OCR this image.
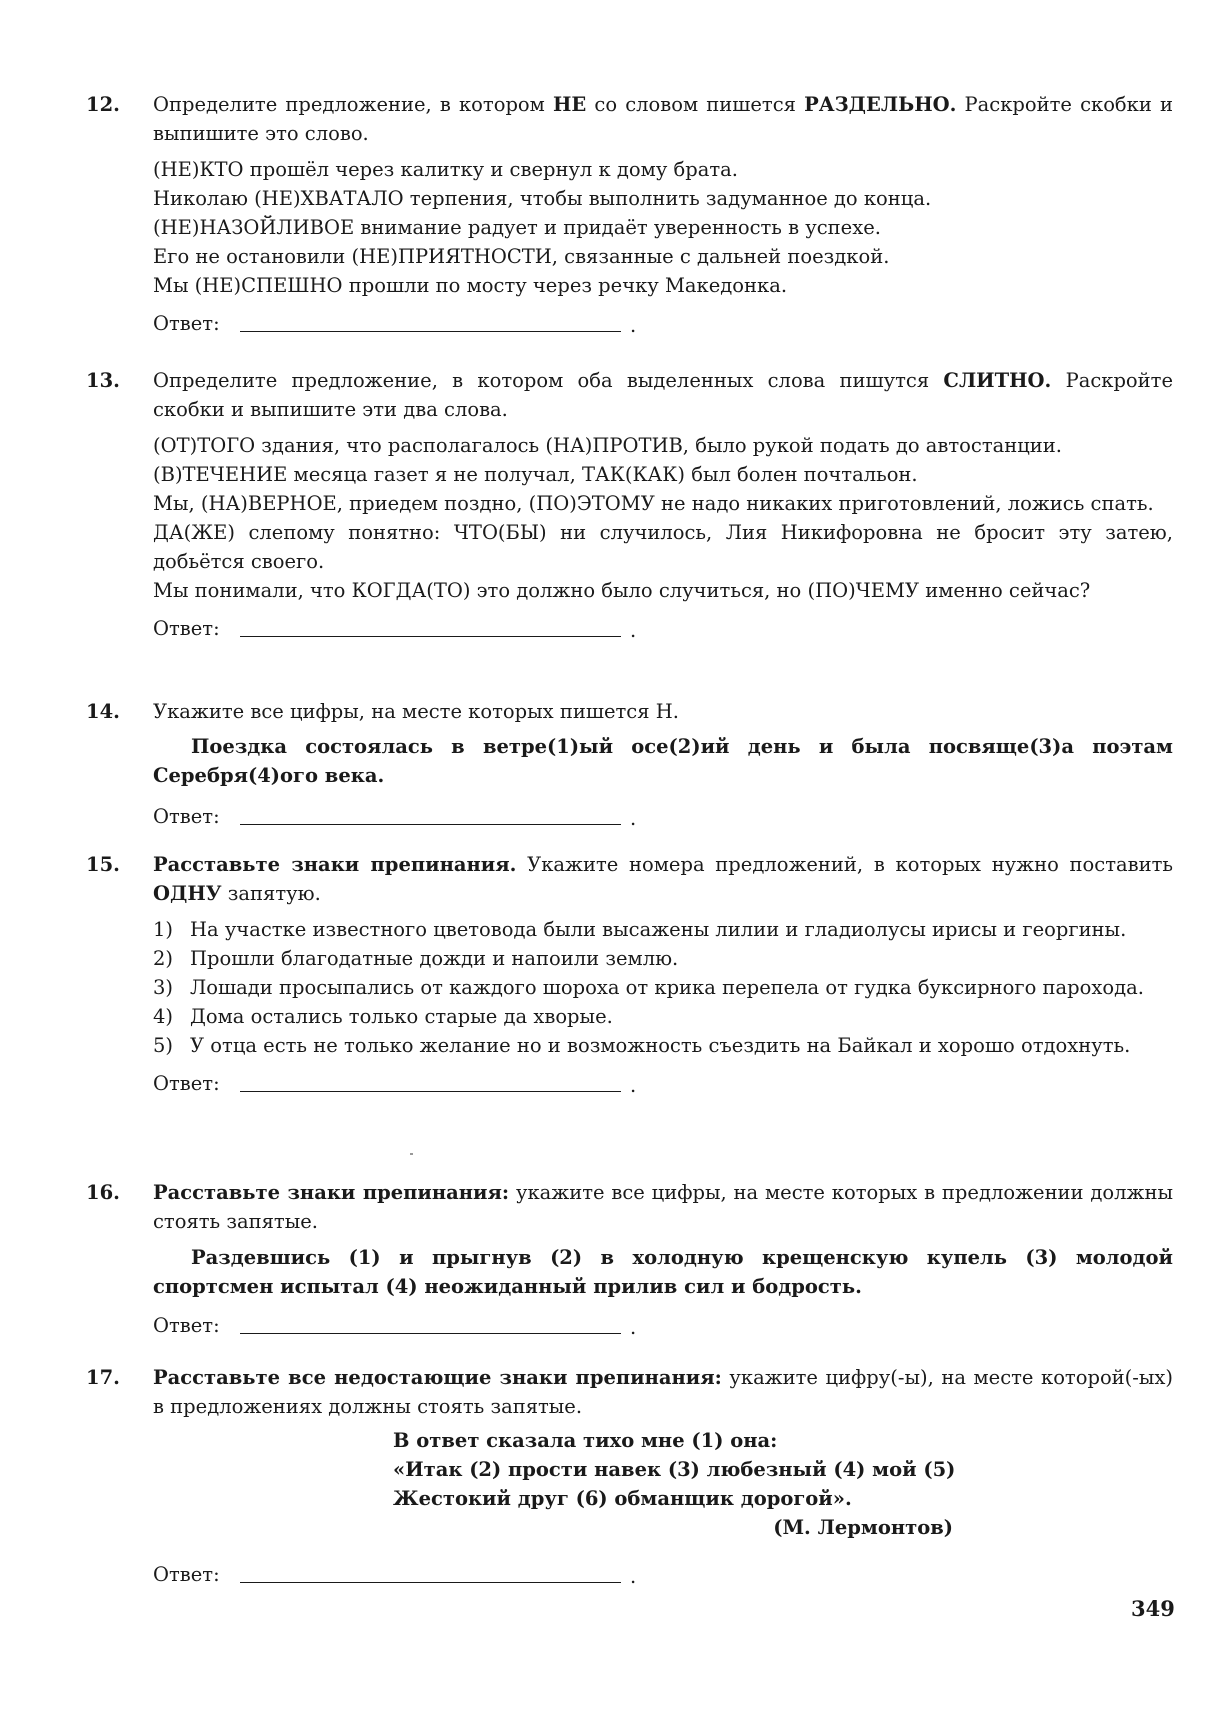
12. Определите предложение, в котором НЕ со словом пишется РАЗДЕЛЬНО. Раскройте скобки и выпишите это слово.

(НЕ)КТО прошёл через калитку и свернул к дому брата.

Николаю (НЕ)ХВАТАЛО терпения, чтобы выполнить задуманное до конца.

(НЕ)НАЗОЙЛИВОЕ внимание радует и придаёт уверенность в успехе.

Его не остановили (НЕ)ПРИЯТНОСТИ, связанные с дальней поездкой.

Мы (НЕ)СПЕШНО прошли по мосту через речку Македонка.

Ответ:	.
13. Определите предложение, в котором оба выделенных слова пишутся СЛИТНО. Раскройте скобки и выпишите эти два слова.

(ОТ)ТОГО здания, что располагалось (НА)ПРОТИВ, было рукой подать до автостанции.

(В)ТЕЧЕНИЕ месяца газет я не получал, ТАК(КАК) был болен почтальон.

Мы, (НА)ВЕРНОЕ, приедем поздно, (ПО)ЭТОМУ не надо никаких приготовлений, ложись спать.

ДА(ЖЕ) слепому понятно: ЧТО(БЫ) ни случилось, Лия Никифоровна не бросит эту затею, добьётся своего.

Мы понимали, что КОГДА(ТО) это должно было случиться, но (ПО)ЧЕМУ именно сейчас?

Ответ:	.
14. Укажите все цифры, на месте которых пишется Н.

Поездка состоялась в ветре(1)ый осе(2)ий день и была посвяще(3)а поэтам Серебря(4)ого века.

Ответ:	.
15. Расставьте знаки препинания. Укажите номера предложений, в которых нужно поставить ОДНУ запятую.

1) На участке известного цветовода были высажены лилии и гладиолусы ирисы и георгины.
2) Прошли благодатные дожди и напоили землю.
3) Лошади просыпались от каждого шороха от крика перепела от гудка буксирного парохода.
4) Дома остались только старые да хворые.
5) У отца есть не только желание но и возможность съездить на Байкал и хорошо отдохнуть.
Ответ:	.
16. Расставьте знаки препинания: укажите все цифры, на месте которых в предложении должны стоять запятые.

Раздевшись (1) и прыгнув (2) в холодную крещенскую купель (3) молодой спортсмен испытал (4) неожиданный прилив сил и бодрость.

Ответ:	.
17. Расставьте все недостающие знаки препинания: укажите цифру(-ы), на месте которой(-ых) в предложениях должны стоять запятые.

В ответ сказала тихо мне (1) она:

«Итак (2) прости навек (3) любезный (4) мой (5)

Жестокий друг (6) обманщик дорогой».

(М. Лермонтов)

Ответ:	.
349
